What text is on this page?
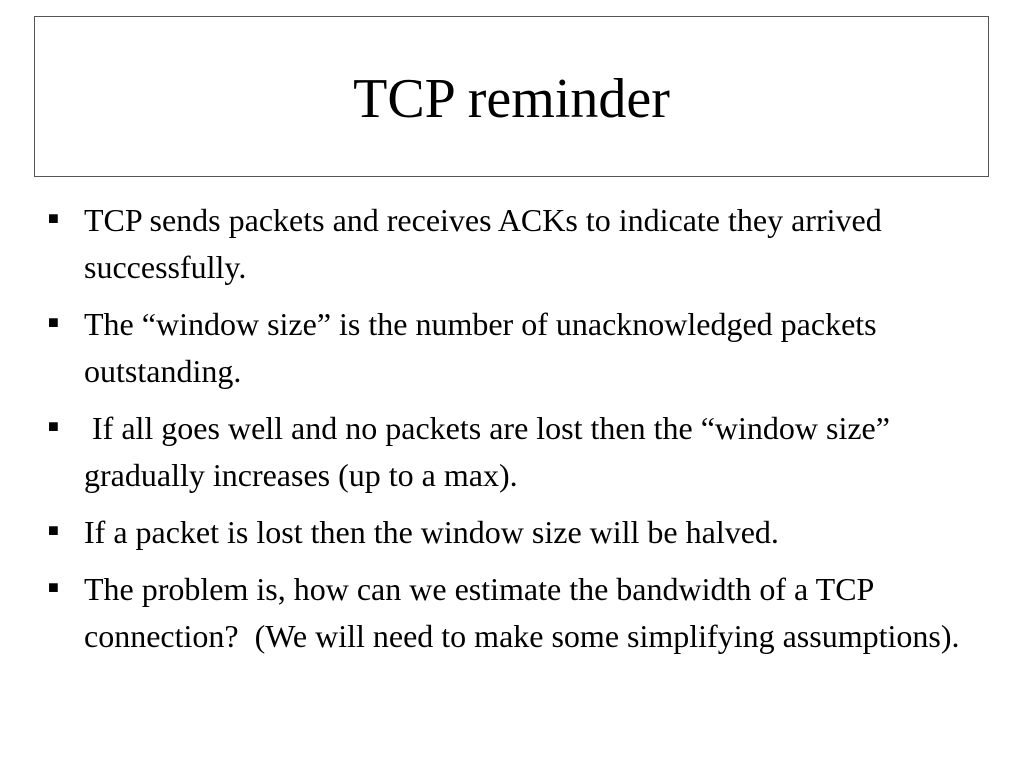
TCP reminder
■ TCP sends packets and receives ACKs to indicate they arrived successfully.
■ The “window size” is the number of unacknowledged packets outstanding.
■ If all goes well and no packets are lost then the “window size” gradually increases (up to a max).
■ If a packet is lost then the window size will be halved.
■ The problem is, how can we estimate the bandwidth of a TCP connection?  (We will need to make some simplifying assumptions).
